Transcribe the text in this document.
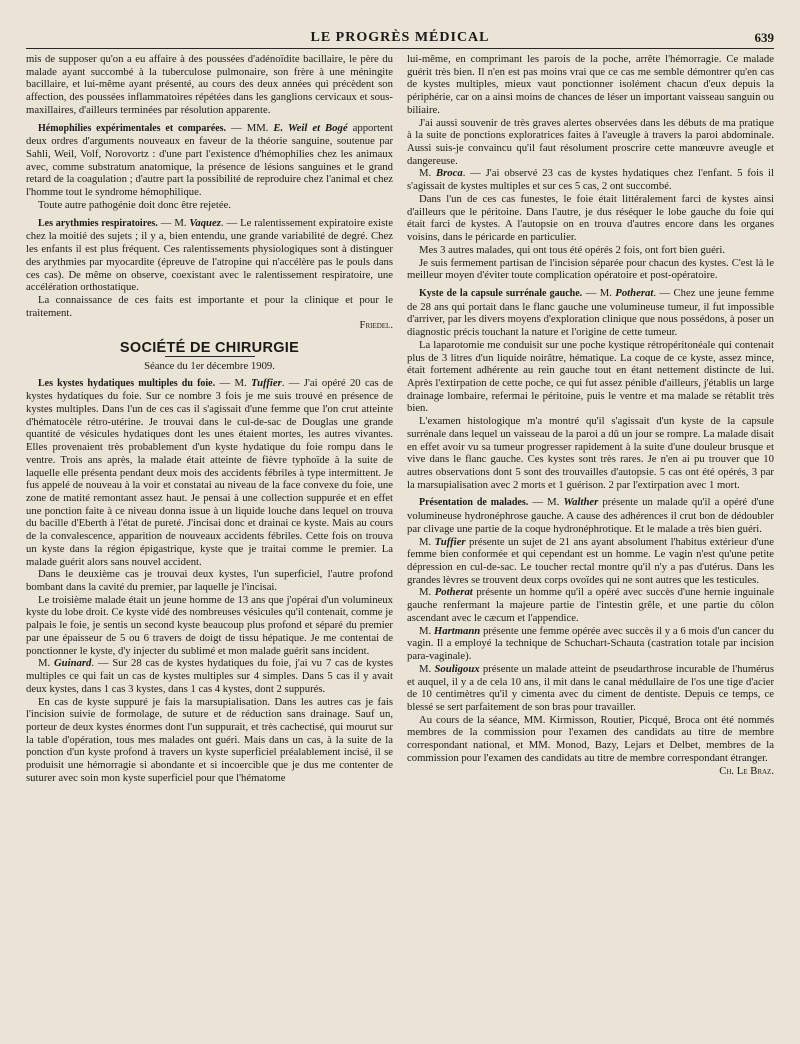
LE PROGRÈS MÉDICAL	639

mis de supposer qu'on a eu affaire à des poussées d'adénoïdite bacillaire, le père du malade ayant succombé à la tuberculose pulmonaire, son frère à une méningite bacillaire, et lui-même ayant présenté, au cours des deux années qui précèdent son affection, des poussées inflammatoires répétées dans les ganglions cervicaux et sous-maxillaires, d'ailleurs terminées par résolution apparente.

Hémophilies expérimentales et comparées. — MM. E. Weil et Bogé apportent deux ordres d'arguments nouveaux en faveur de la théorie sanguine, soutenue par Sahli, Weil, Volf, Norovortz : d'une part l'existence d'hémophilies chez les animaux avec, comme substratum anatomique, la présence de lésions sanguines et le grand retard de la coagulation ; d'autre part la possibilité de reproduire chez l'animal et chez l'homme tout le syndrome hémophilique.

Toute autre pathogénie doit donc être rejetée.

Les arythmies respiratoires. — M. Vaquez. — Le ralentissement expiratoire existe chez la moitié des sujets ; il y a, bien entendu, une grande variabilité de degré. Chez les enfants il est plus fréquent. Ces ralentissements physiologiques sont à distinguer des arythmies par myocardite (épreuve de l'atropine qui n'accélère pas le pouls dans ces cas). De même on observe, coexistant avec le ralentissement respiratoire, une accélération orthostatique.

La connaissance de ces faits est importante et pour la clinique et pour le traitement.

Friedel.

SOCIÉTÉ DE CHIRURGIE
Séance du 1er décembre 1909.

Les kystes hydatiques multiples du foie. — M. Tuffier. — J'ai opéré 20 cas de kystes hydatiques du foie. Sur ce nombre 3 fois je me suis trouvé en présence de kystes multiples. Dans l'un de ces cas il s'agissait d'une femme que l'on crut atteinte d'hématocèle rétro-utérine. Je trouvai dans le cul-de-sac de Douglas une grande quantité de vésicules hydatiques dont les unes étaient mortes, les autres vivantes. Elles provenaient très probablement d'un kyste hydatique du foie rompu dans le ventre. Trois ans après, la malade était atteinte de fièvre typhoïde à la suite de laquelle elle présenta pendant deux mois des accidents fébriles à type intermittent. Je fus appelé de nouveau à la voir et constatai au niveau de la face convexe du foie, une zone de matité remontant assez haut. Je pensai à une collection suppurée et en effet une ponction faite à ce niveau donna issue à un liquide louche dans lequel on trouva du bacille d'Eberth à l'état de pureté. J'incisai donc et drainai ce kyste. Mais au cours de la convalescence, apparition de nouveaux accidents fébriles. Cette fois on trouva un kyste dans la région épigastrique, kyste que je traitai comme le premier. La malade guérit alors sans nouvel accident.

Dans le deuxième cas je trouvai deux kystes, l'un superficiel, l'autre profond bombant dans la cavité du premier, par laquelle je l'incisai.

Le troisième malade était un jeune homme de 13 ans que j'opérai d'un volumineux kyste du lobe droit. Ce kyste vidé des nombreuses vésicules qu'il contenait, comme je palpais le foie, je sentis un second kyste beaucoup plus profond et séparé du premier par une épaisseur de 5 ou 6 travers de doigt de tissu hépatique. Je me contentai de ponctionner le kyste, d'y injecter du sublimé et mon malade guérit sans incident.

M. Guinard. — Sur 28 cas de kystes hydatiques du foie, j'ai vu 7 cas de kystes multiples ce qui fait un cas de kystes multiples sur 4 simples. Dans 5 cas il y avait deux kystes, dans 1 cas 3 kystes, dans 1 cas 4 kystes, dont 2 suppurés.

En cas de kyste suppuré je fais la marsupialisation. Dans les autres cas je fais l'incision suivie de formolage, de suture et de réduction sans drainage. Sauf un, porteur de deux kystes énormes dont l'un suppurait, et très cachectisé, qui mourut sur la table d'opération, tous mes malades ont guéri. Mais dans un cas, à la suite de la ponction d'un kyste profond à travers un kyste superficiel préalablement incisé, il se produisit une hémorragie si abondante et si incoercible que je dus me contenter de suturer avec soin mon kyste superficiel pour que l'hématome

lui-même, en comprimant les parois de la poche, arrête l'hémorragie. Ce malade guérit très bien. Il n'en est pas moins vrai que ce cas me semble démontrer qu'en cas de kystes multiples, mieux vaut ponctionner isolément chacun d'eux depuis la périphérie, car on a ainsi moins de chances de léser un important vaisseau sanguin ou biliaire.

J'ai aussi souvenir de très graves alertes observées dans les débuts de ma pratique à la suite de ponctions exploratrices faites à l'aveugle à travers la paroi abdominale. Aussi suis-je convaincu qu'il faut résolument proscrire cette manœuvre aveugle et dangereuse.

M. Broca. — J'ai observé 23 cas de kystes hydatiques chez l'enfant. 5 fois il s'agissait de kystes multiples et sur ces 5 cas, 2 ont succombé.

Dans l'un de ces cas funestes, le foie était littéralement farci de kystes ainsi d'ailleurs que le péritoine. Dans l'autre, je dus réséquer le lobe gauche du foie qui était farci de kystes. A l'autopsie on en trouva d'autres encore dans les organes voisins, dans le péricarde en particulier.

Mes 3 autres malades, qui ont tous été opérés 2 fois, ont fort bien guéri.

Je suis fermement partisan de l'incision séparée pour chacun des kystes. C'est là le meilleur moyen d'éviter toute complication opératoire et post-opératoire.

Kyste de la capsule surrénale gauche. — M. Potherat. — Chez une jeune femme de 28 ans qui portait dans le flanc gauche une volumineuse tumeur, il fut impossible d'arriver, par les divers moyens d'exploration clinique que nous possédons, à poser un diagnostic précis touchant la nature et l'origine de cette tumeur.

La laparotomie me conduisit sur une poche kystique rétropéritonéale qui contenait plus de 3 litres d'un liquide noirâtre, hématique. La coque de ce kyste, assez mince, était fortement adhérente au rein gauche tout en étant nettement distincte de lui. Après l'extirpation de cette poche, ce qui fut assez pénible d'ailleurs, j'établis un large drainage lombaire, refermai le péritoine, puis le ventre et ma malade se rétablit très bien.

L'examen histologique m'a montré qu'il s'agissait d'un kyste de la capsule surrénale dans lequel un vaisseau de la paroi a dû un jour se rompre. La malade disait en effet avoir vu sa tumeur progresser rapidement à la suite d'une douleur brusque et vive dans le flanc gauche. Ces kystes sont très rares. Je n'en ai pu trouver que 10 autres observations dont 5 sont des trouvailles d'autopsie. 5 cas ont été opérés, 3 par la marsupialisation avec 2 morts et 1 guérison. 2 par l'extirpation avec 1 mort.

Présentation de malades. — M. Walther présente un malade qu'il a opéré d'une volumineuse hydronéphrose gauche. A cause des adhérences il crut bon de dédoubler par clivage une partie de la coque hydronéphrotique. Et le malade a très bien guéri.

M. Tuffier présente un sujet de 21 ans ayant absolument l'habitus extérieur d'une femme bien conformée et qui cependant est un homme. Le vagin n'est qu'une petite dépression en cul-de-sac. Le toucher rectal montre qu'il n'y a pas d'utérus. Dans les grandes lèvres se trouvent deux corps ovoïdes qui ne sont autres que les testicules.

M. Potherat présente un homme qu'il a opéré avec succès d'une hernie inguinale gauche renfermant la majeure partie de l'intestin grêle, et une partie du côlon ascendant avec le cæcum et l'appendice.

M. Hartmann présente une femme opérée avec succès il y a 6 mois d'un cancer du vagin. Il a employé la technique de Schuchart-Schauta (castration totale par incision para-vaginale).

M. Souligoux présente un malade atteint de pseudarthrose incurable de l'humérus et auquel, il y a de cela 10 ans, il mit dans le canal médullaire de l'os une tige d'acier de 10 centimètres qu'il y cimenta avec du ciment de dentiste. Depuis ce temps, ce blessé se sert parfaitement de son bras pour travailler.

Au cours de la séance, MM. Kirmisson, Routier, Picqué, Broca ont été nommés membres de la commission pour l'examen des candidats au titre de membre correspondant national, et MM. Monod, Bazy, Lejars et Delbet, membres de la commission pour l'examen des candidats au titre de membre correspondant étranger.

Ch. Le Braz.
